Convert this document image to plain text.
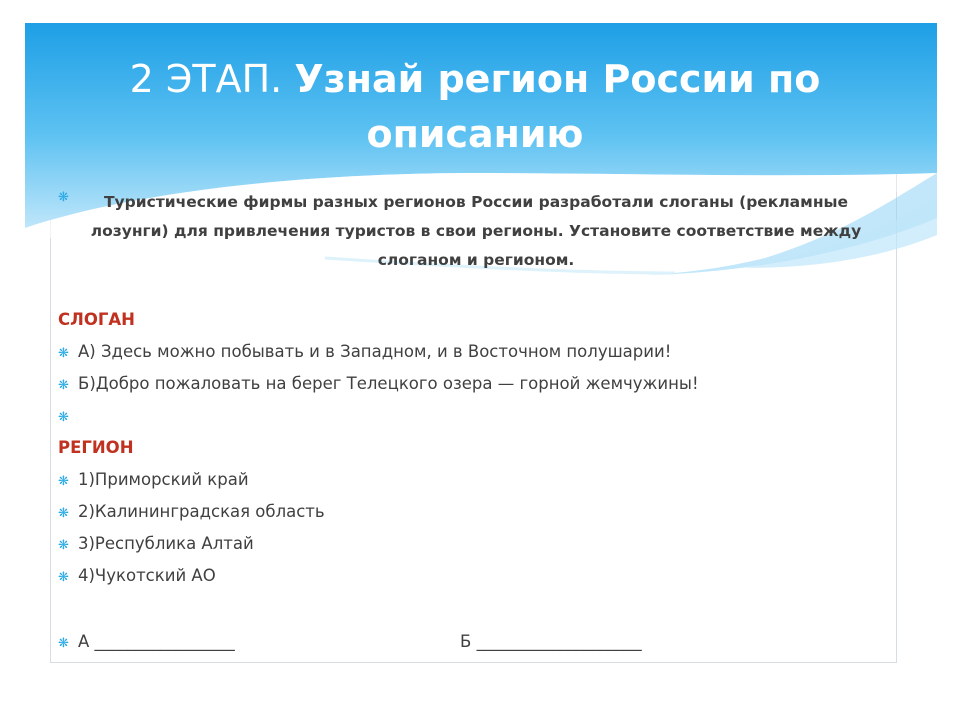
2 ЭТАП. Узнай регион России по описанию
❋	Туристические фирмы разных регионов России разработали слоганы (рекламные лозунги) для привлечения туристов в свои регионы. Установите соответствие между слоганом и регионом.
СЛОГАН
❋ А) Здесь можно побывать и в Западном, и в Восточном полушарии!
❋ Б)Добро пожаловать на берег Телецкого озера — горной жемчужины!
❋
РЕГИОН
❋ 1)Приморский край
❋ 2)Калининградская область
❋ 3)Республика Алтай
❋ 4)Чукотский АО
❋ А _________________	Б ____________________
